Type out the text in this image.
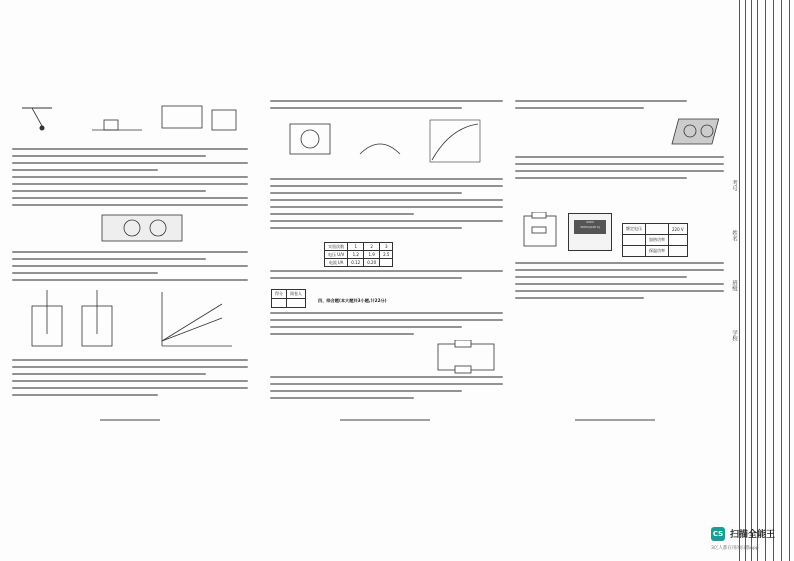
实验次数	1	2	3
电压 U/V	1.2	1.9	2.5
电流 I/A	0.12	0.20	
得分	阅卷人

四、综合题(本大题共3小题,计22分)
220V
3000r/(kW·h)	额定电压		220 V
	加热功率	
	保温功率	
考号
姓名
班级
学校
CS 扫描全能王
3亿人都在用的扫描App
